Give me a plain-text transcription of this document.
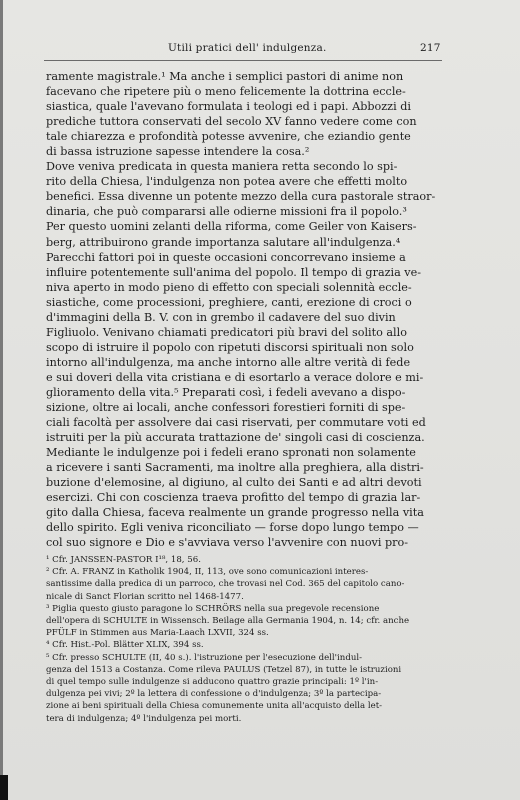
Utili pratici dell' indulgenza.	217
ramente magistrale.¹ Ma anche i semplici pastori di anime non
facevano che ripetere più o meno felicemente la dottrina eccle-
siastica, quale l'avevano formulata i teologi ed i papi. Abbozzi di
prediche tuttora conservati del secolo XV fanno vedere come con
tale chiarezza e profondità potesse avvenire, che eziandio gente
di bassa istruzione sapesse intendere la cosa.²
Dove veniva predicata in questa maniera retta secondo lo spi-
rito della Chiesa, l'indulgenza non potea avere che effetti molto
benefici. Essa divenne un potente mezzo della cura pastorale straor-
dinaria, che può compararsi alle odierne missioni fra il popolo.³
Per questo uomini zelanti della riforma, come Geiler von Kaisers-
berg, attribuirono grande importanza salutare all'indulgenza.⁴
Parecchi fattori poi in queste occasioni concorrevano insieme a
influire potentemente sull'anima del popolo. Il tempo di grazia ve-
niva aperto in modo pieno di effetto con speciali solennità eccle-
siastiche, come processioni, preghiere, canti, erezione di croci o
d'immagini della B. V. con in grembo il cadavere del suo divin
Figliuolo. Venivano chiamati predicatori più bravi del solito allo
scopo di istruire il popolo con ripetuti discorsi spirituali non solo
intorno all'indulgenza, ma anche intorno alle altre verità di fede
e sui doveri della vita cristiana e di esortarlo a verace dolore e mi-
glioramento della vita.⁵ Preparati così, i fedeli avevano a dispo-
sizione, oltre ai locali, anche confessori forestieri forniti di spe-
ciali facoltà per assolvere dai casi riservati, per commutare voti ed
istruiti per la più accurata trattazione de' singoli casi di coscienza.
Mediante le indulgenze poi i fedeli erano spronati non solamente
a ricevere i santi Sacramenti, ma inoltre alla preghiera, alla distri-
buzione d'elemosine, al digiuno, al culto dei Santi e ad altri devoti
esercizi. Chi con coscienza traeva profitto del tempo di grazia lar-
gito dalla Chiesa, faceva realmente un grande progresso nella vita
dello spirito. Egli veniva riconciliato — forse dopo lungo tempo —
col suo signore e Dio e s'avviava verso l'avvenire con nuovi pro-
¹ Cfr. JANSSEN-PASTOR I¹⁸, 18, 56.
² Cfr. A. FRANZ in Katholik 1904, II, 113, ove sono comunicazioni interes-
santissime dalla predica di un parroco, che trovasi nel Cod. 365 del capitolo cano-
nicale di Sanct Florian scritto nel 1468-1477.
³ Piglia questo giusto paragone lo SCHRÖRS nella sua pregevole recensione
dell'opera di SCHULTE in Wissensch. Beilage alla Germania 1904, n. 14; cfr. anche
PFÜLF in Stimmen aus Maria-Laach LXVII, 324 ss.
⁴ Cfr. Hist.-Pol. Blätter XLIX, 394 ss.
⁵ Cfr. presso SCHULTE (II, 40 s.). l'istruzione per l'esecuzione dell'indul-
genza del 1513 a Costanza. Come rileva PAULUS (Tetzel 87), in tutte le istruzioni
di quel tempo sulle indulgenze si adducono quattro grazie principali: 1º l'in-
dulgenza pei vivi; 2º la lettera di confessione o d'indulgenza; 3º la partecipa-
zione ai beni spirituali della Chiesa comunemente unita all'acquisto della let-
tera di indulgenza; 4º l'indulgenza pei morti.
